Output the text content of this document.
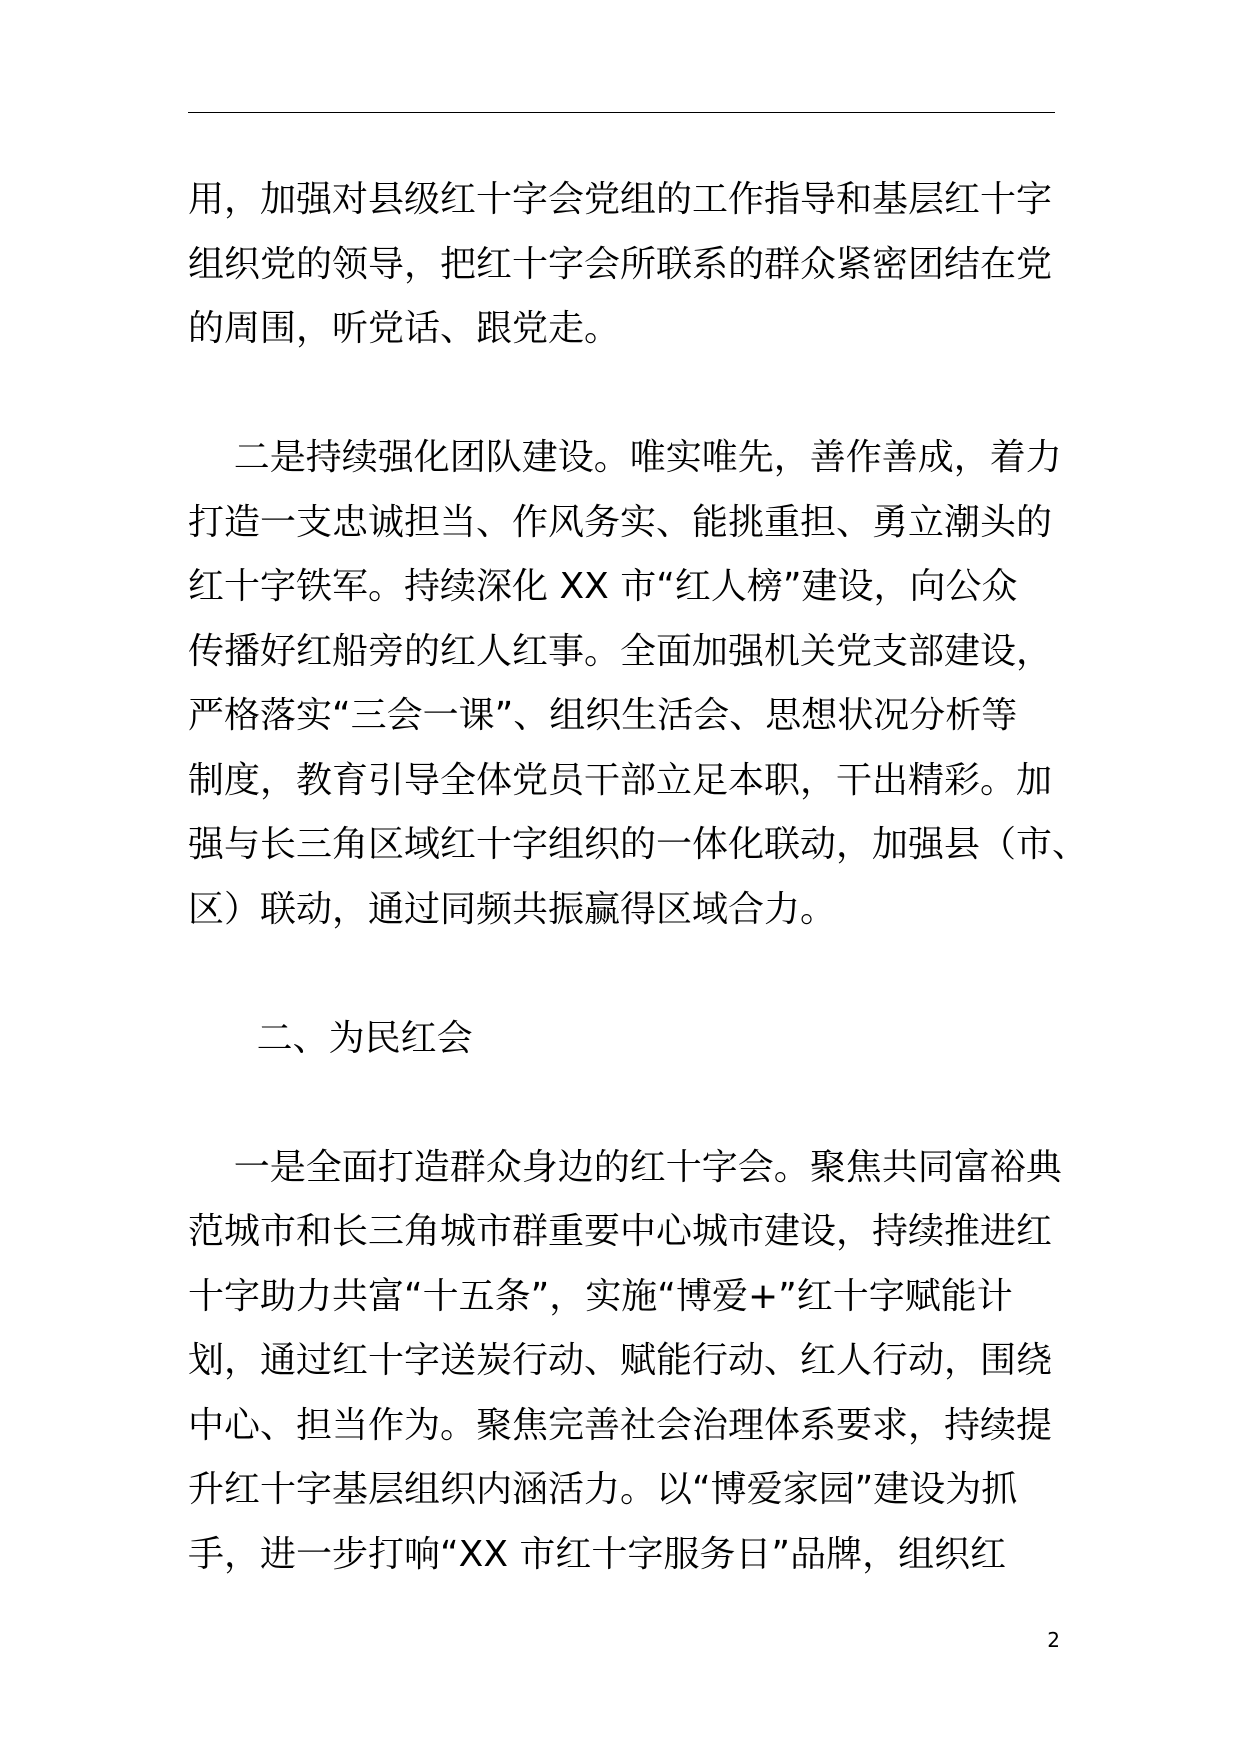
用，加强对县级红十字会党组的工作指导和基层红十字
组织党的领导，把红十字会所联系的群众紧密团结在党
的周围，听党话、跟党走。
二是持续强化团队建设。唯实唯先，善作善成，着力
打造一支忠诚担当、作风务实、能挑重担、勇立潮头的
红十字铁军。持续深化 XX 市“红人榜”建设，向公众
传播好红船旁的红人红事。全面加强机关党支部建设，
严格落实“三会一课”、组织生活会、思想状况分析等
制度，教育引导全体党员干部立足本职，干出精彩。加
强与长三角区域红十字组织的一体化联动，加强县（市、
区）联动，通过同频共振赢得区域合力。
二、为民红会
一是全面打造群众身边的红十字会。聚焦共同富裕典
范城市和长三角城市群重要中心城市建设，持续推进红
十字助力共富“十五条”，实施“博爱+”红十字赋能计
划，通过红十字送炭行动、赋能行动、红人行动，围绕
中心、担当作为。聚焦完善社会治理体系要求，持续提
升红十字基层组织内涵活力。以“博爱家园”建设为抓
手，进一步打响“XX 市红十字服务日”品牌，组织红
2
